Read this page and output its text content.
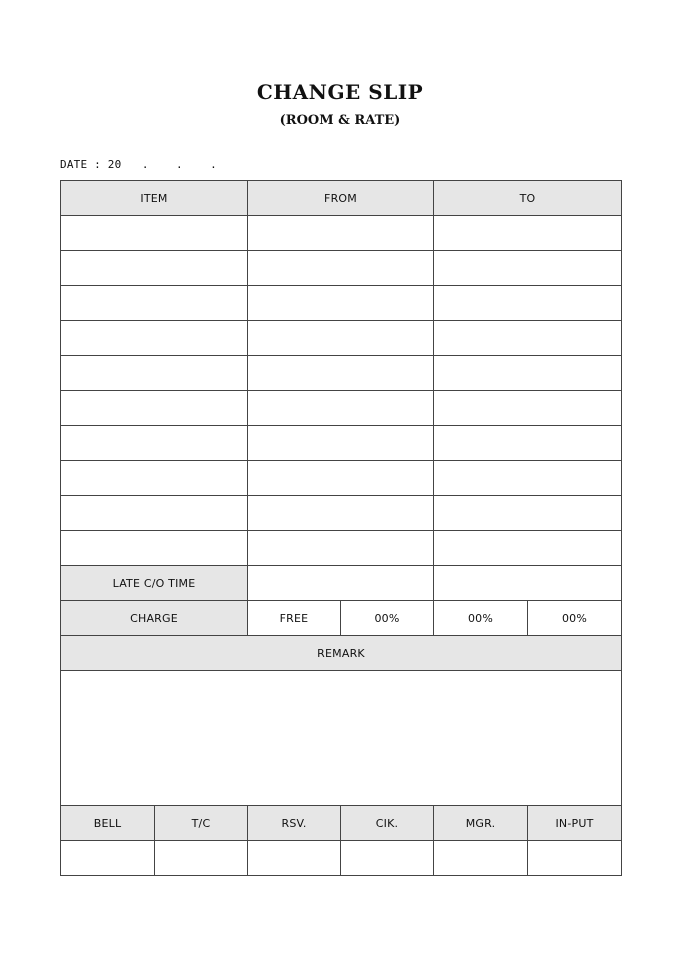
CHANGE SLIP
(ROOM & RATE)
DATE : 20   .    .    .
ITEM		FROM		TO	

LATE C/O TIME					
CHARGE		FREE	00%	00%	00%
REMARK					

BELL	T/C	RSV.	CIK.	MGR.	IN-PUT
